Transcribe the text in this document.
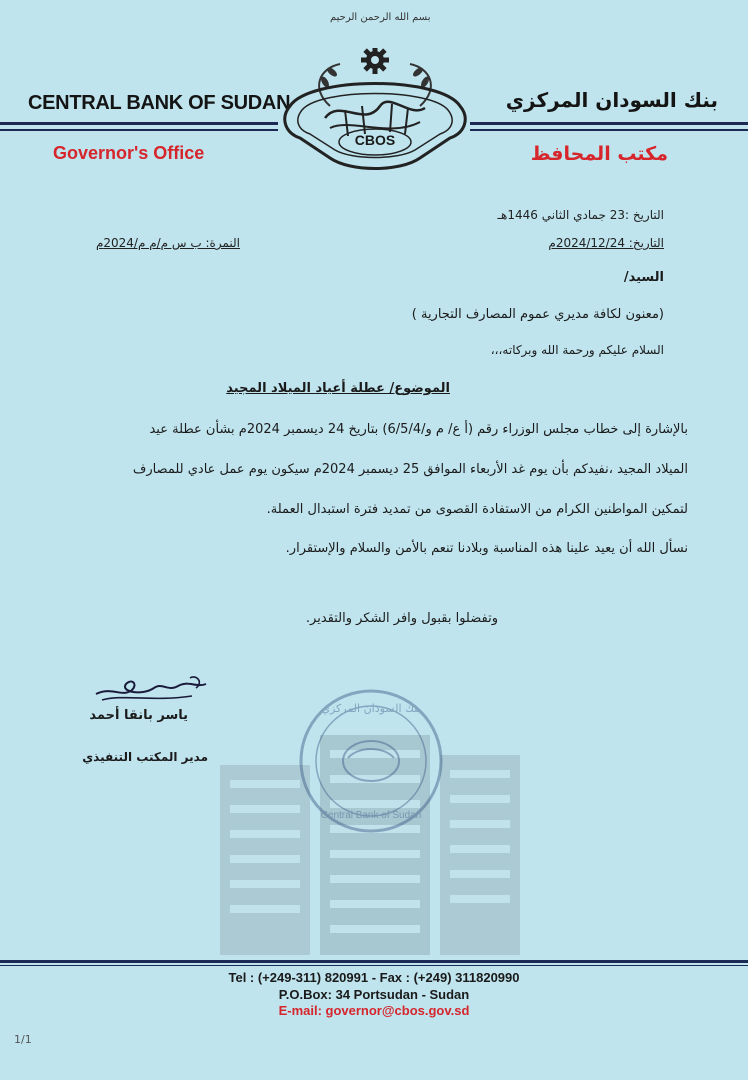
بسم الله الرحمن الرحيم
CENTRAL BANK OF SUDAN	بنك السودان المركزي
Governor's Office	مكتب المحافظ
CBOS
التاريخ :23 جمادي الثاني 1446هـ
التاريخ: 2024/12/24م
النمرة: ب س م/م م/2024م
السيد/
(معنون لكافة مديري عموم المصارف التجارية )
السلام عليكم ورحمة الله وبركاته،،،
الموضوع/ عطلة أعياد الميلاد المجيد
بالإشارة إلى خطاب مجلس الوزراء رقم (أ ع/ م و/6/5/4) بتاريخ 24 ديسمبر 2024م بشأن عطلة عيد
الميلاد المجيد ،نفيدكم بأن يوم غد الأربعاء الموافق 25 ديسمبر 2024م سيكون يوم عمل عادي للمصارف
لتمكين المواطنين الكرام من الاستفادة القصوى من تمديد فترة استبدال العملة.
نسأل الله أن يعيد علينا هذه المناسبة وبلادنا تنعم بالأمن والسلام والإستقرار.
وتفضلوا بقبول وافر الشكر والتقدير.
بنك السودان المركزي
Central Bank of Sudan
ياسر بانقا أحمد
مدير المكتب التنفيذي
Tel : (+249-311) 820991 - Fax : (+249) 311820990
P.O.Box: 34 Portsudan - Sudan
E-mail: governor@cbos.gov.sd
1/1
